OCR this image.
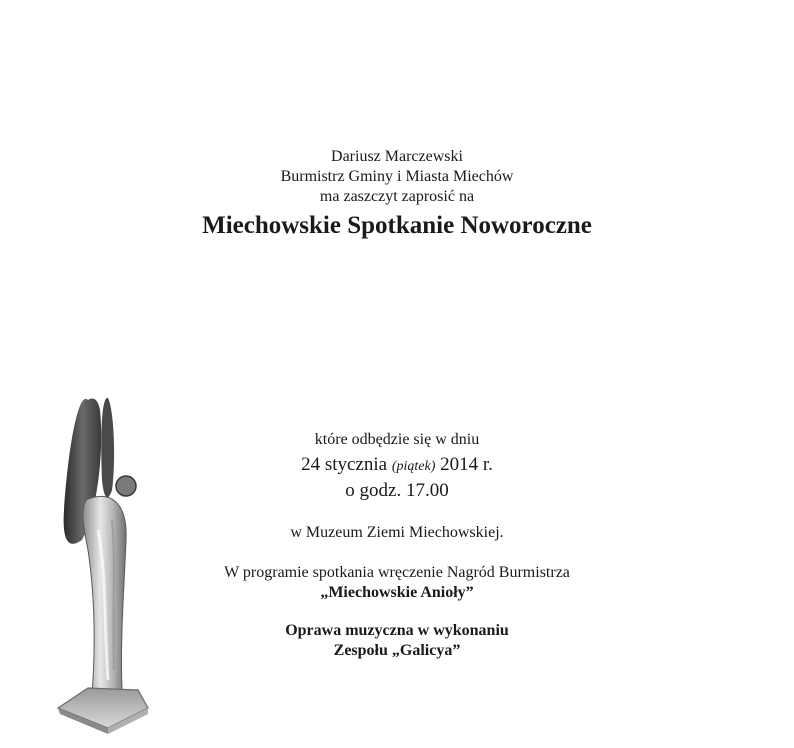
Dariusz Marczewski
Burmistrz Gminy i Miasta Miechów
ma zaszczyt zaprosić na
Miechowskie Spotkanie Noworoczne
które odbędzie się w dniu
24 stycznia (piątek) 2014 r.
o godz. 17.00
w Muzeum Ziemi Miechowskiej.
W programie spotkania wręczenie Nagród Burmistrza
„Miechowskie Anioły”
Oprawa muzyczna w wykonaniu
Zespołu „Galicya”
